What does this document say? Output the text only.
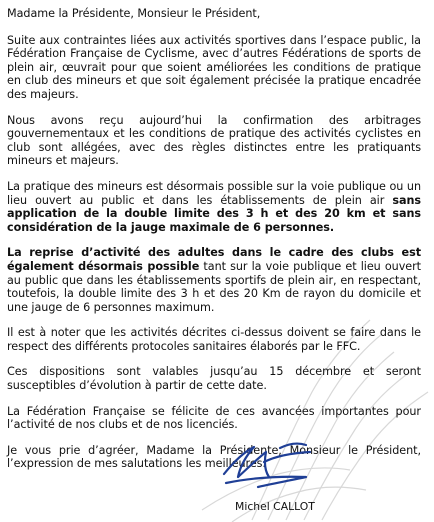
Madame la Présidente, Monsieur le Président,

Suite aux contraintes liées aux activités sportives dans l’espace public, la Fédération Française de Cyclisme, avec d’autres Fédérations de sports de plein air, œuvrait pour que soient améliorées les conditions de pratique en club des mineurs et que soit également précisée la pratique encadrée des majeurs.

Nous avons reçu aujourd’hui la confirmation des arbitrages gouvernementaux et les conditions de pratique des activités cyclistes en club sont allégées, avec des règles distinctes entre les pratiquants mineurs et majeurs.

La pratique des mineurs est désormais possible sur la voie publique ou un lieu ouvert au public et dans les établissements de plein air sans application de la double limite des 3 h et des 20 km et sans considération de la jauge maximale de 6 personnes.

La reprise d’activité des adultes dans le cadre des clubs est également désormais possible tant sur la voie publique et lieu ouvert au public que dans les établissements sportifs de plein air, en respectant, toutefois, la double limite des 3 h et des 20 Km de rayon du domicile et une jauge de 6 personnes maximum.

Il est à noter que les activités décrites ci-dessus doivent se faire dans le respect des différents protocoles sanitaires élaborés par le FFC.

Ces dispositions sont valables jusqu’au 15 décembre et seront susceptibles d’évolution à partir de cette date.

La Fédération Française se félicite de ces avancées importantes pour l’activité de nos clubs et de nos licenciés.

Je vous prie d’agréer, Madame la Présidente, Monsieur le Président, l’expression de mes salutations les meilleures.

Michel CALLOT
